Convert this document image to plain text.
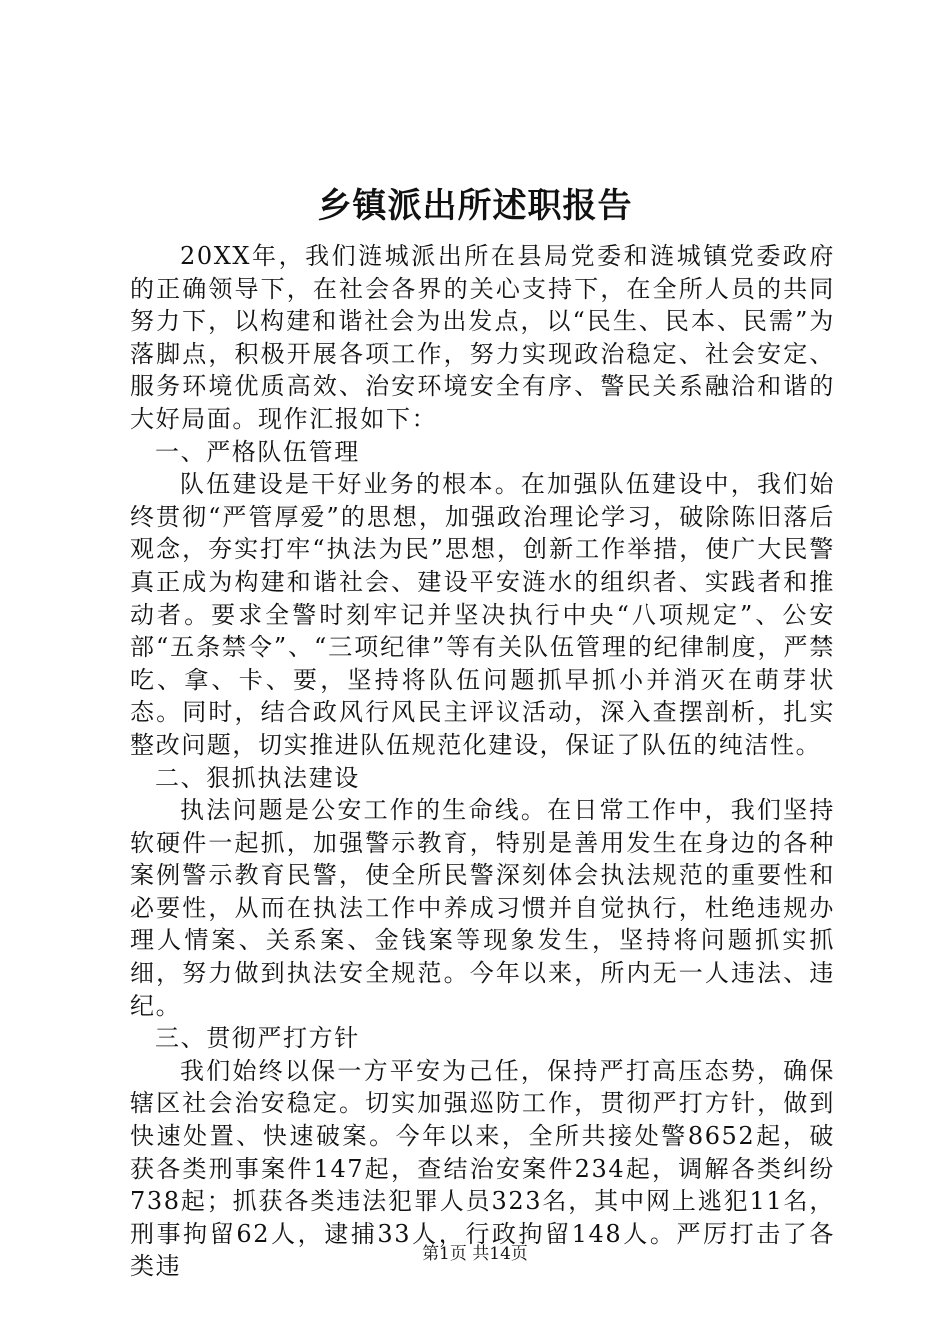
乡镇派出所述职报告

20XX年，我们涟城派出所在县局党委和涟城镇党委政府的正确领导下，在社会各界的关心支持下，在全所人员的共同努力下，以构建和谐社会为出发点，以“民生、民本、民需”为落脚点，积极开展各项工作，努力实现政治稳定、社会安定、服务环境优质高效、治安环境安全有序、警民关系融洽和谐的大好局面。现作汇报如下：

一、严格队伍管理

队伍建设是干好业务的根本。在加强队伍建设中，我们始终贯彻“严管厚爱”的思想，加强政治理论学习，破除陈旧落后观念，夯实打牢“执法为民”思想，创新工作举措，使广大民警真正成为构建和谐社会、建设平安涟水的组织者、实践者和推动者。要求全警时刻牢记并坚决执行中央“八项规定”、公安部“五条禁令”、“三项纪律”等有关队伍管理的纪律制度，严禁吃、拿、卡、要，坚持将队伍问题抓早抓小并消灭在萌芽状态。同时，结合政风行风民主评议活动，深入查摆剖析，扎实整改问题，切实推进队伍规范化建设，保证了队伍的纯洁性。

二、狠抓执法建设

执法问题是公安工作的生命线。在日常工作中，我们坚持软硬件一起抓，加强警示教育，特别是善用发生在身边的各种案例警示教育民警，使全所民警深刻体会执法规范的重要性和必要性，从而在执法工作中养成习惯并自觉执行，杜绝违规办理人情案、关系案、金钱案等现象发生，坚持将问题抓实抓细，努力做到执法安全规范。今年以来，所内无一人违法、违纪。

三、贯彻严打方针

我们始终以保一方平安为己任，保持严打高压态势，确保辖区社会治安稳定。切实加强巡防工作，贯彻严打方针，做到快速处置、快速破案。今年以来，全所共接处警8652起，破获各类刑事案件147起，查结治安案件234起，调解各类纠纷738起；抓获各类违法犯罪人员323名，其中网上逃犯11名，刑事拘留62人，逮捕33人，行政拘留148人。严厉打击了各类违	第1页 共14页
